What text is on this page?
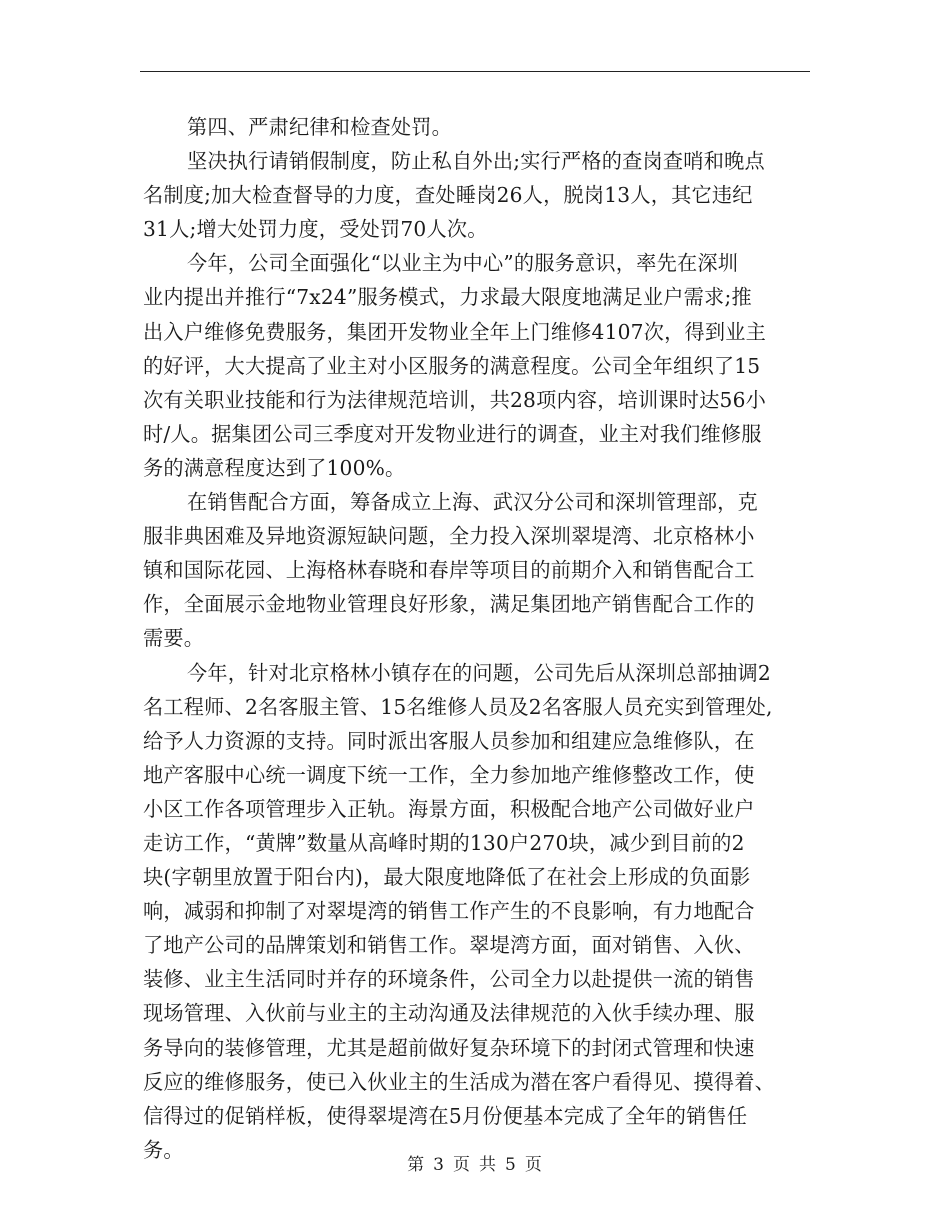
第四、严肃纪律和检查处罚。
坚决执行请销假制度，防止私自外出;实行严格的查岗查哨和晚点
名制度;加大检查督导的力度，查处睡岗26人，脱岗13人，其它违纪
31人;增大处罚力度，受处罚70人次。
今年，公司全面强化“以业主为中心”的服务意识，率先在深圳
业内提出并推行“7x24”服务模式，力求最大限度地满足业户需求;推
出入户维修免费服务，集团开发物业全年上门维修4107次，得到业主
的好评，大大提高了业主对小区服务的满意程度。公司全年组织了15
次有关职业技能和行为法律规范培训，共28项内容，培训课时达56小
时/人。据集团公司三季度对开发物业进行的调查，业主对我们维修服
务的满意程度达到了100%。
在销售配合方面，筹备成立上海、武汉分公司和深圳管理部，克
服非典困难及异地资源短缺问题，全力投入深圳翠堤湾、北京格林小
镇和国际花园、上海格林春晓和春岸等项目的前期介入和销售配合工
作，全面展示金地物业管理良好形象，满足集团地产销售配合工作的
需要。
今年，针对北京格林小镇存在的问题，公司先后从深圳总部抽调2
名工程师、2名客服主管、15名维修人员及2名客服人员充实到管理处,
给予人力资源的支持。同时派出客服人员参加和组建应急维修队，在
地产客服中心统一调度下统一工作，全力参加地产维修整改工作，使
小区工作各项管理步入正轨。海景方面，积极配合地产公司做好业户
走访工作，“黄牌”数量从高峰时期的130户270块，减少到目前的2
块(字朝里放置于阳台内)，最大限度地降低了在社会上形成的负面影
响，减弱和抑制了对翠堤湾的销售工作产生的不良影响，有力地配合
了地产公司的品牌策划和销售工作。翠堤湾方面，面对销售、入伙、
装修、业主生活同时并存的环境条件，公司全力以赴提供一流的销售
现场管理、入伙前与业主的主动沟通及法律规范的入伙手续办理、服
务导向的装修管理，尤其是超前做好复杂环境下的封闭式管理和快速
反应的维修服务，使已入伙业主的生活成为潜在客户看得见、摸得着、
信得过的促销样板，使得翠堤湾在5月份便基本完成了全年的销售任
务。
第 3 页 共 5 页
